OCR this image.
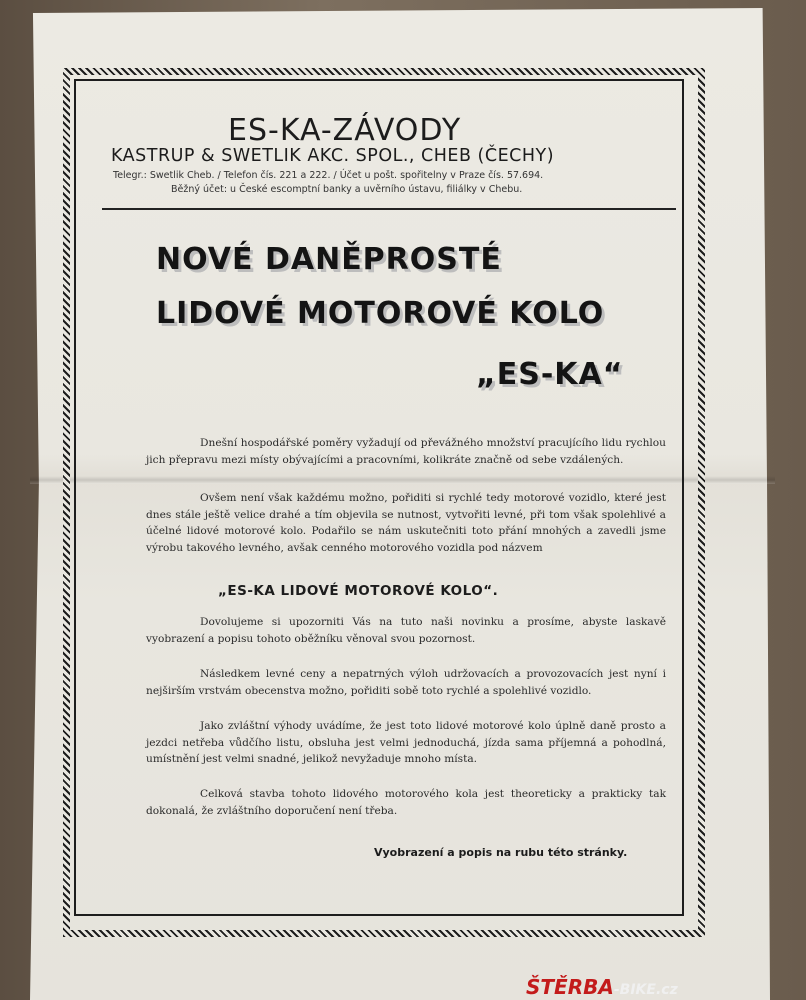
ES-KA-ZÁVODY
KASTRUP & SWETLIK AKC. SPOL., CHEB (ČECHY)
Telegr.: Swetlik Cheb. / Telefon čís. 221 a 222. / Účet u pošt. spořitelny v Praze čís. 57.694.
Běžný účet: u České escomptní banky a uvěrního ústavu, filiálky v Chebu.
NOVÉ DANĚPROSTÉ
LIDOVÉ MOTOROVÉ KOLO
„ES-KA“
Dnešní hospodářské poměry vyžadují od převážného množství pracujícího lidu rychlou jich přepravu mezi místy obývajícími a pracovními, kolikráte značně od sebe vzdálených.
Ovšem není však každému možno, pořiditi si rychlé tedy motorové vozidlo, které jest dnes stále ještě velice drahé a tím objevila se nutnost, vytvořiti levné, při tom však spolehlivé a účelné lidové motorové kolo. Podařilo se nám uskutečniti toto přání mnohých a zavedli jsme výrobu takového levného, avšak cenného motorového vozidla pod názvem
„ES-KA LIDOVÉ MOTOROVÉ KOLO“.
Dovolujeme si upozorniti Vás na tuto naši novinku a prosíme, abyste laskavě vyobrazení a popisu tohoto oběžníku věnoval svou pozornost.
Následkem levné ceny a nepatrných výloh udržovacích a provozovacích jest nyní i nejširším vrstvám obecenstva možno, pořiditi sobě toto rychlé a spolehlivé vozidlo.
Jako zvláštní výhody uvádíme, že jest toto lidové motorové kolo úplně daně prosto a jezdci netřeba vůdčího listu, obsluha jest velmi jednoduchá, jízda sama příjemná a pohodlná, umístnění jest velmi snadné, jelikož nevyžaduje mnoho místa.
Celková stavba tohoto lidového motorového kola jest theoreticky a prakticky tak dokonalá, že zvláštního doporučení není třeba.
Vyobrazení a popis na rubu této stránky.
ŠTĚRBA-BIKE.cz
